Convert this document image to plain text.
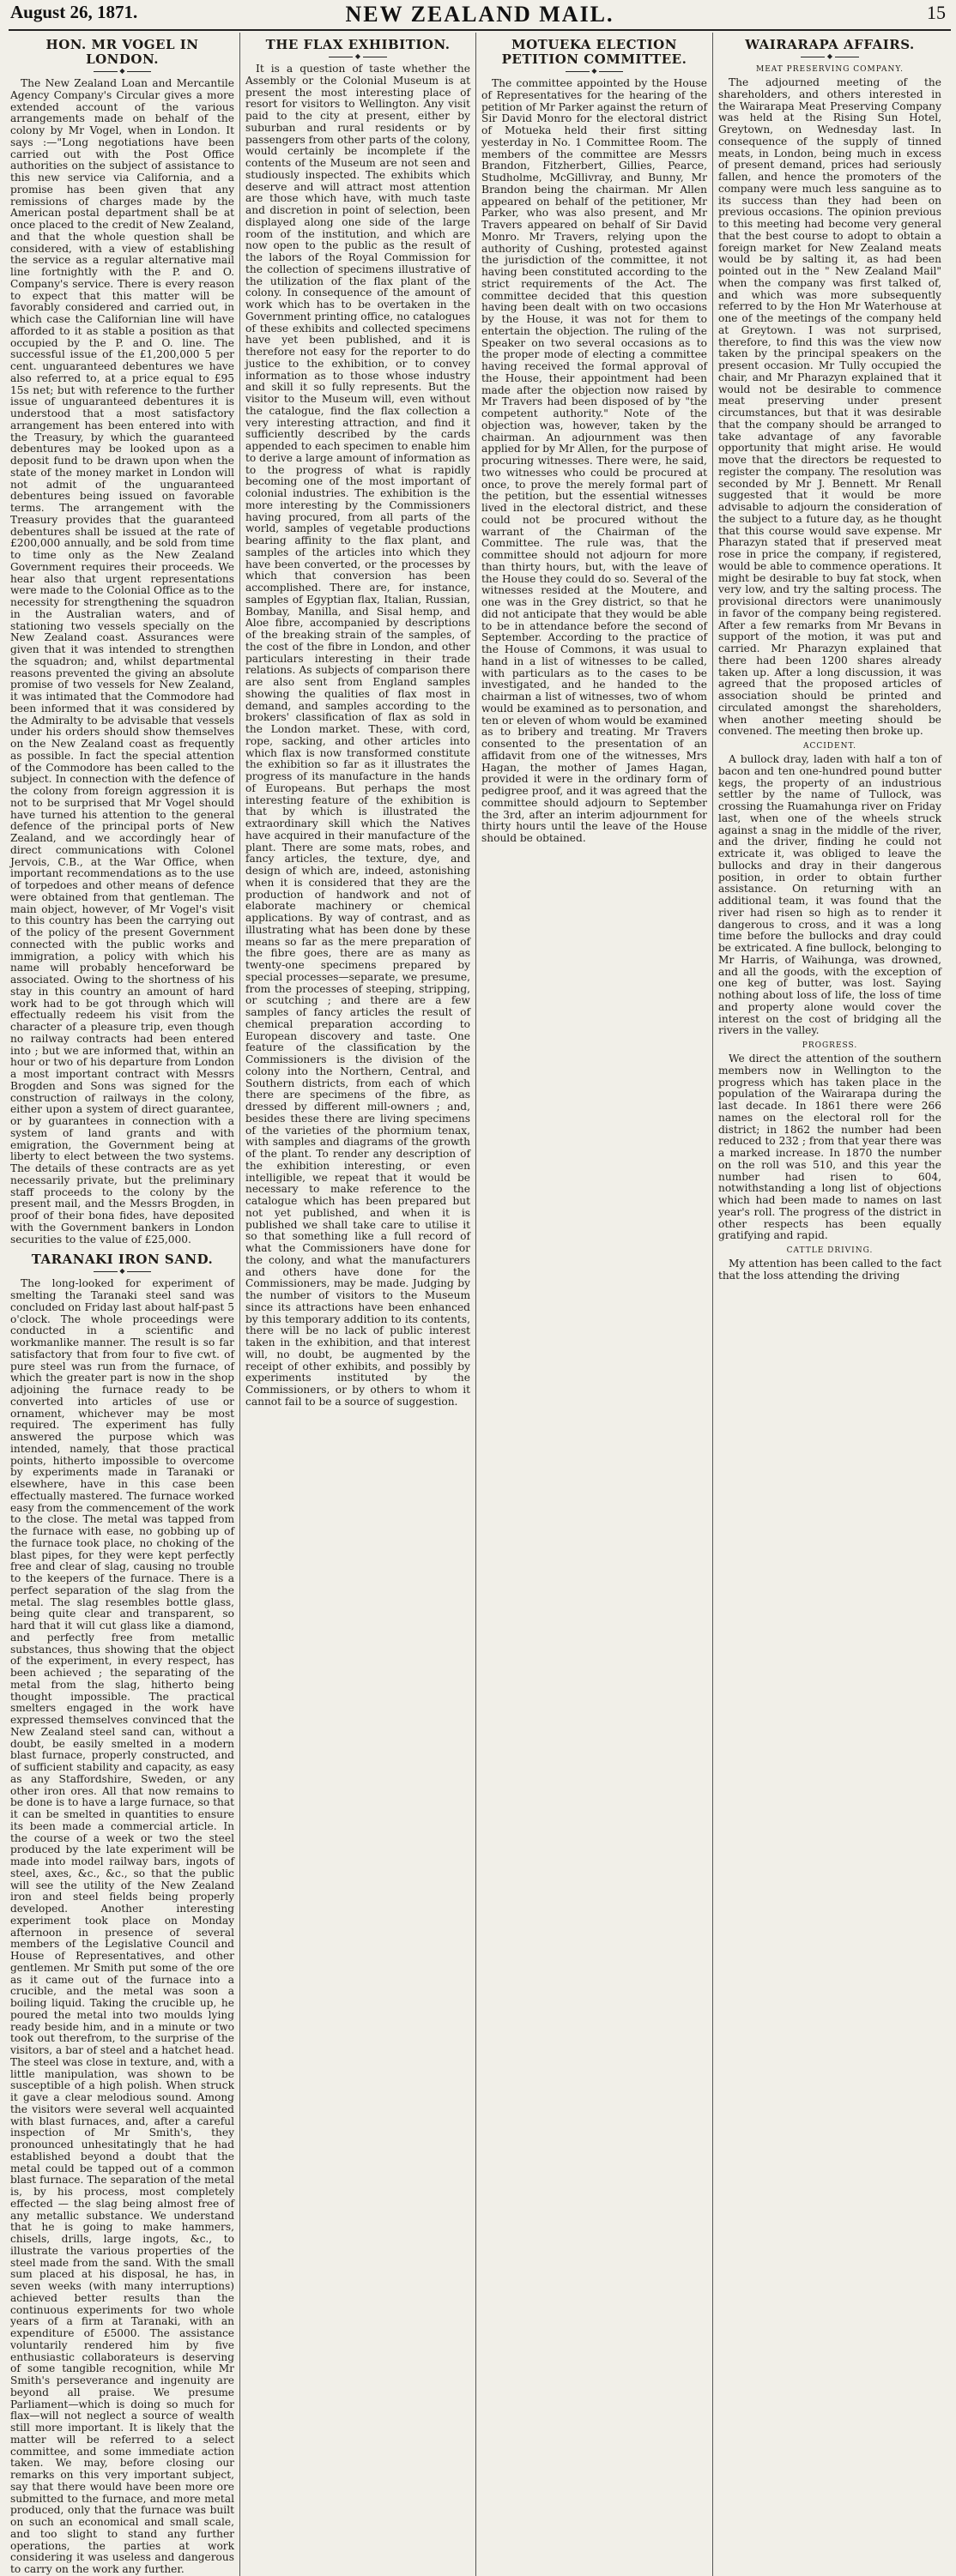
August 26, 1871.	NEW ZEALAND MAIL.	15
HON. MR VOGEL IN LONDON.
◆

The New Zealand Loan and Mercantile Agency Company's Circular gives a more extended account of the various arrangements made on behalf of the colony by Mr Vogel, when in London. It says :—"Long negotiations have been carried out with the Post Office authorities on the subject of assistance to this new service via California, and a promise has been given that any remissions of charges made by the American postal department shall be at once placed to the credit of New Zealand, and that the whole question shall be considered, with a view of establishing the service as a regular alternative mail line fortnightly with the P. and O. Company's service. There is every reason to expect that this matter will be favorably considered and carried out, in which case the Californian line will have afforded to it as stable a position as that occupied by the P. and O. line. The successful issue of the £1,200,000 5 per cent. unguaranteed debentures we have also referred to, at a price equal to £95 15s net; but with reference to the further issue of unguaranteed debentures it is understood that a most satisfactory arrangement has been entered into with the Treasury, by which the guaranteed debentures may be looked upon as a deposit fund to be drawn upon when the state of the money market in London will not admit of the unguaranteed debentures being issued on favorable terms. The arrangement with the Treasury provides that the guaranteed debentures shall be issued at the rate of £200,000 annually, and be sold from time to time only as the New Zealand Government requires their proceeds. We hear also that urgent representations were made to the Colonial Office as to the necessity for strengthening the squadron in the Australian waters, and of stationing two vessels specially on the New Zealand coast. Assurances were given that it was intended to strengthen the squadron; and, whilst departmental reasons prevented the giving an absolute promise of two vessels for New Zealand, it was intimated that the Commodore had been informed that it was considered by the Admiralty to be advisable that vessels under his orders should show themselves on the New Zealand coast as frequently as possible. In fact the special attention of the Commodore has been called to the subject. In connection with the defence of the colony from foreign aggression it is not to be surprised that Mr Vogel should have turned his attention to the general defence of the principal ports of New Zealand, and we accordingly hear of direct communications with Colonel Jervois, C.B., at the War Office, when important recommendations as to the use of torpedoes and other means of defence were obtained from that gentleman. The main object, however, of Mr Vogel's visit to this country has been the carrying out of the policy of the present Government connected with the public works and immigration, a policy with which his name will probably henceforward be associated. Owing to the shortness of his stay in this country an amount of hard work had to be got through which will effectually redeem his visit from the character of a pleasure trip, even though no railway contracts had been entered into ; but we are informed that, within an hour or two of his departure from London a most important contract with Messrs Brogden and Sons was signed for the construction of railways in the colony, either upon a system of direct guarantee, or by guarantees in connection with a system of land grants and with emigration, the Government being at liberty to elect between the two systems. The details of these contracts are as yet necessarily private, but the preliminary staff proceeds to the colony by the present mail, and the Messrs Brogden, in proof of their bona fides, have deposited with the Government bankers in London securities to the value of £25,000.

TARANAKI IRON SAND.
◆

The long-looked for experiment of smelting the Taranaki steel sand was concluded on Friday last about half-past 5 o'clock. The whole proceedings were conducted in a scientific and workmanlike manner. The result is so far satisfactory that from four to five cwt. of pure steel was run from the furnace, of which the greater part is now in the shop adjoining the furnace ready to be converted into articles of use or ornament, whichever may be most required. The experiment has fully answered the purpose which was intended, namely, that those practical points, hitherto impossible to overcome by experiments made in Taranaki or elsewhere, have in this case been effectually mastered. The furnace worked easy from the commencement of the work to the close. The metal was tapped from the furnace with ease, no gobbing up of the furnace took place, no choking of the blast pipes, for they were kept perfectly free and clear of slag, causing no trouble to the keepers of the furnace. There is a perfect separation of the slag from the metal. The slag resembles bottle glass, being quite clear and transparent, so hard that it will cut glass like a diamond, and perfectly free from metallic substances, thus showing that the object of the experiment, in every respect, has been achieved ; the separating of the metal from the slag, hitherto being thought impossible. The practical smelters engaged in the work have expressed themselves convinced that the New Zealand steel sand can, without a doubt, be easily smelted in a modern blast furnace, properly constructed, and of sufficient stability and capacity, as easy as any Staffordshire, Sweden, or any other iron ores. All that now remains to be done is to have a large furnace, so that it can be smelted in quantities to ensure its been made a commercial article. In the course of a week or two the steel produced by the late experiment will be made into model railway bars, ingots of steel, axes, &c., &c., so that the public will see the utility of the New Zealand iron and steel fields being properly developed. Another interesting experiment took place on Monday afternoon in presence of several members of the Legislative Council and House of Representatives, and other gentlemen. Mr Smith put some of the ore as it came out of the furnace into a crucible, and the metal was soon a boiling liquid. Taking the crucible up, he poured the metal into two moulds lying ready beside him, and in a minute or two took out therefrom, to the surprise of the visitors, a bar of steel and a hatchet head. The steel was close in texture, and, with a little manipulation, was shown to be susceptible of a high polish. When struck it gave a clear melodious sound. Among the visitors were several well acquainted with blast furnaces, and, after a careful inspection of Mr Smith's, they pronounced unhesitatingly that he had established beyond a doubt that the metal could be tapped out of a common blast furnace. The separation of the metal is, by his process, most completely effected — the slag being almost free of any metallic substance. We understand that he is going to make hammers, chisels, drills, large ingots, &c., to illustrate the various properties of the steel made from the sand. With the small sum placed at his disposal, he has, in seven weeks (with many interruptions) achieved better results than the continuous experiments for two whole years of a firm at Taranaki, with an expenditure of £5000. The assistance voluntarily rendered him by five enthusiastic collaborateurs is deserving of some tangible recognition, while Mr Smith's perseverance and ingenuity are beyond all praise. We presume Parliament—which is doing so much for flax—will not neglect a source of wealth still more important. It is likely that the matter will be referred to a select committee, and some immediate action taken. We may, before closing our remarks on this very important subject, say that there would have been more ore submitted to the furnace, and more metal produced, only that the furnace was built on such an economical and small scale, and too slight to stand any further operations, the parties at work considering it was useless and dangerous to carry on the work any further.

THE FLAX EXHIBITION.
◆

It is a question of taste whether the Assembly or the Colonial Museum is at present the most interesting place of resort for visitors to Wellington. Any visit paid to the city at present, either by suburban and rural residents or by passengers from other parts of the colony, would certainly be incomplete if the contents of the Museum are not seen and studiously inspected. The exhibits which deserve and will attract most attention are those which have, with much taste and discretion in point of selection, been displayed along one side of the large room of the institution, and which are now open to the public as the result of the labors of the Royal Commission for the collection of specimens illustrative of the utilization of the flax plant of the colony. In consequence of the amount of work which has to be overtaken in the Government printing office, no catalogues of these exhibits and collected specimens have yet been published, and it is therefore not easy for the reporter to do justice to the exhibition, or to convey information as to those whose industry and skill it so fully represents. But the visitor to the Museum will, even without the catalogue, find the flax collection a very interesting attraction, and find it sufficiently described by the cards appended to each specimen to enable him to derive a large amount of information as to the progress of what is rapidly becoming one of the most important of colonial industries. The exhibition is the more interesting by the Commissioners having procured, from all parts of the world, samples of vegetable productions bearing affinity to the flax plant, and samples of the articles into which they have been converted, or the processes by which that conversion has been accomplished. There are, for instance, samples of Egyptian flax, Italian, Russian, Bombay, Manilla, and Sisal hemp, and Aloe fibre, accompanied by descriptions of the breaking strain of the samples, of the cost of the fibre in London, and other particulars interesting in their trade relations. As subjects of comparison there are also sent from England samples showing the qualities of flax most in demand, and samples according to the brokers' classification of flax as sold in the London market. These, with cord, rope, sacking, and other articles into which flax is now transformed constitute the exhibition so far as it illustrates the progress of its manufacture in the hands of Europeans. But perhaps the most interesting feature of the exhibition is that by which is illustrated the extraordinary skill which the Natives have acquired in their manufacture of the plant. There are some mats, robes, and fancy articles, the texture, dye, and design of which are, indeed, astonishing when it is considered that they are the production of handwork and not of elaborate machinery or chemical applications. By way of contrast, and as illustrating what has been done by these means so far as the mere preparation of the fibre goes, there are as many as twenty-one specimens prepared by special processes—separate, we presume, from the processes of steeping, stripping, or scutching ; and there are a few samples of fancy articles the result of chemical preparation according to European discovery and taste. One feature of the classification by the Commissioners is the division of the colony into the Northern, Central, and Southern districts, from each of which there are specimens of the fibre, as dressed by different mill-owners ; and, besides these there are living specimens of the varieties of the phormium tenax, with samples and diagrams of the growth of the plant. To render any description of the exhibition interesting, or even intelligible, we repeat that it would be necessary to make reference to the catalogue which has been prepared but not yet published, and when it is published we shall take care to utilise it so that something like a full record of what the Commissioners have done for the colony, and what the manufacturers and others have done for the Commissioners, may be made. Judging by the number of visitors to the Museum since its attractions have been enhanced by this temporary addition to its contents, there will be no lack of public interest taken in the exhibition, and that interest will, no doubt, be augmented by the receipt of other exhibits, and possibly by experiments instituted by the Commissioners, or by others to whom it cannot fail to be a source of suggestion.

MOTUEKA ELECTION PETITION COMMITTEE.
◆

The committee appointed by the House of Representatives for the hearing of the petition of Mr Parker against the return of Sir David Monro for the electoral district of Motueka held their first sitting yesterday in No. 1 Committee Room. The members of the committee are Messrs Brandon, Fitzherbert, Gillies, Pearce, Studholme, McGillivray, and Bunny, Mr Brandon being the chairman. Mr Allen appeared on behalf of the petitioner, Mr Parker, who was also present, and Mr Travers appeared on behalf of Sir David Monro. Mr Travers, relying upon the authority of Cushing, protested against the jurisdiction of the committee, it not having been constituted according to the strict requirements of the Act. The committee decided that this question having been dealt with on two occasions by the House, it was not for them to entertain the objection. The ruling of the Speaker on two several occasions as to the proper mode of electing a committee having received the formal approval of the House, their appointment had been made after the objection now raised by Mr Travers had been disposed of by "the competent authority." Note of the objection was, however, taken by the chairman. An adjournment was then applied for by Mr Allen, for the purpose of procuring witnesses. There were, he said, two witnesses who could be procured at once, to prove the merely formal part of the petition, but the essential witnesses lived in the electoral district, and these could not be procured without the warrant of the Chairman of the Committee. The rule was, that the committee should not adjourn for more than thirty hours, but, with the leave of the House they could do so. Several of the witnesses resided at the Moutere, and one was in the Grey district, so that he did not anticipate that they would be able to be in attendance before the second of September. According to the practice of the House of Commons, it was usual to hand in a list of witnesses to be called, with particulars as to the cases to be investigated, and he handed to the chairman a list of witnesses, two of whom would be examined as to personation, and ten or eleven of whom would be examined as to bribery and treating. Mr Travers consented to the presentation of an affidavit from one of the witnesses, Mrs Hagan, the mother of James Hagan, provided it were in the ordinary form of pedigree proof, and it was agreed that the committee should adjourn to September the 3rd, after an interim adjournment for thirty hours until the leave of the House should be obtained.

WAIRARAPA AFFAIRS.
◆
MEAT PRESERVING COMPANY.

The adjourned meeting of the shareholders, and others interested in the Wairarapa Meat Preserving Company was held at the Rising Sun Hotel, Greytown, on Wednesday last. In consequence of the supply of tinned meats, in London, being much in excess of present demand, prices had seriously fallen, and hence the promoters of the company were much less sanguine as to its success than they had been on previous occasions. The opinion previous to this meeting had become very general that the best course to adopt to obtain a foreign market for New Zealand meats would be by salting it, as had been pointed out in the " New Zealand Mail" when the company was first talked of, and which was more subsequently referred to by the Hon Mr Waterhouse at one of the meetings of the company held at Greytown. I was not surprised, therefore, to find this was the view now taken by the principal speakers on the present occasion. Mr Tully occupied the chair, and Mr Pharazyn explained that it would not be desirable to commence meat preserving under present circumstances, but that it was desirable that the company should be arranged to take advantage of any favorable opportunity that might arise. He would move that the directors be requested to register the company. The resolution was seconded by Mr J. Bennett. Mr Renall suggested that it would be more advisable to adjourn the consideration of the subject to a future day, as he thought that this course would save expense. Mr Pharazyn stated that if preserved meat rose in price the company, if registered, would be able to commence operations. It might be desirable to buy fat stock, when very low, and try the salting process. The provisional directors were unanimously in favor of the company being registered. After a few remarks from Mr Bevans in support of the motion, it was put and carried. Mr Pharazyn explained that there had been 1200 shares already taken up. After a long discussion, it was agreed that the proposed articles of association should be printed and circulated amongst the shareholders, when another meeting should be convened. The meeting then broke up.

ACCIDENT.

A bullock dray, laden with half a ton of bacon and ten one-hundred pound butter kegs, the property of an industrious settler by the name of Tullock, was crossing the Ruamahunga river on Friday last, when one of the wheels struck against a snag in the middle of the river, and the driver, finding he could not extricate it, was obliged to leave the bullocks and dray in their dangerous position, in order to obtain further assistance. On returning with an additional team, it was found that the river had risen so high as to render it dangerous to cross, and it was a long time before the bullocks and dray could be extricated. A fine bullock, belonging to Mr Harris, of Waihunga, was drowned, and all the goods, with the exception of one keg of butter, was lost. Saying nothing about loss of life, the loss of time and property alone would cover the interest on the cost of bridging all the rivers in the valley.

PROGRESS.

We direct the attention of the southern members now in Wellington to the progress which has taken place in the population of the Wairarapa during the last decade. In 1861 there were 266 names on the electoral roll for the district; in 1862 the number had been reduced to 232 ; from that year there was a marked increase. In 1870 the number on the roll was 510, and this year the number had risen to 604, notwithstanding a long list of objections which had been made to names on last year's roll. The progress of the district in other respects has been equally gratifying and rapid.

CATTLE DRIVING.

My attention has been called to the fact that the loss attending the driving
